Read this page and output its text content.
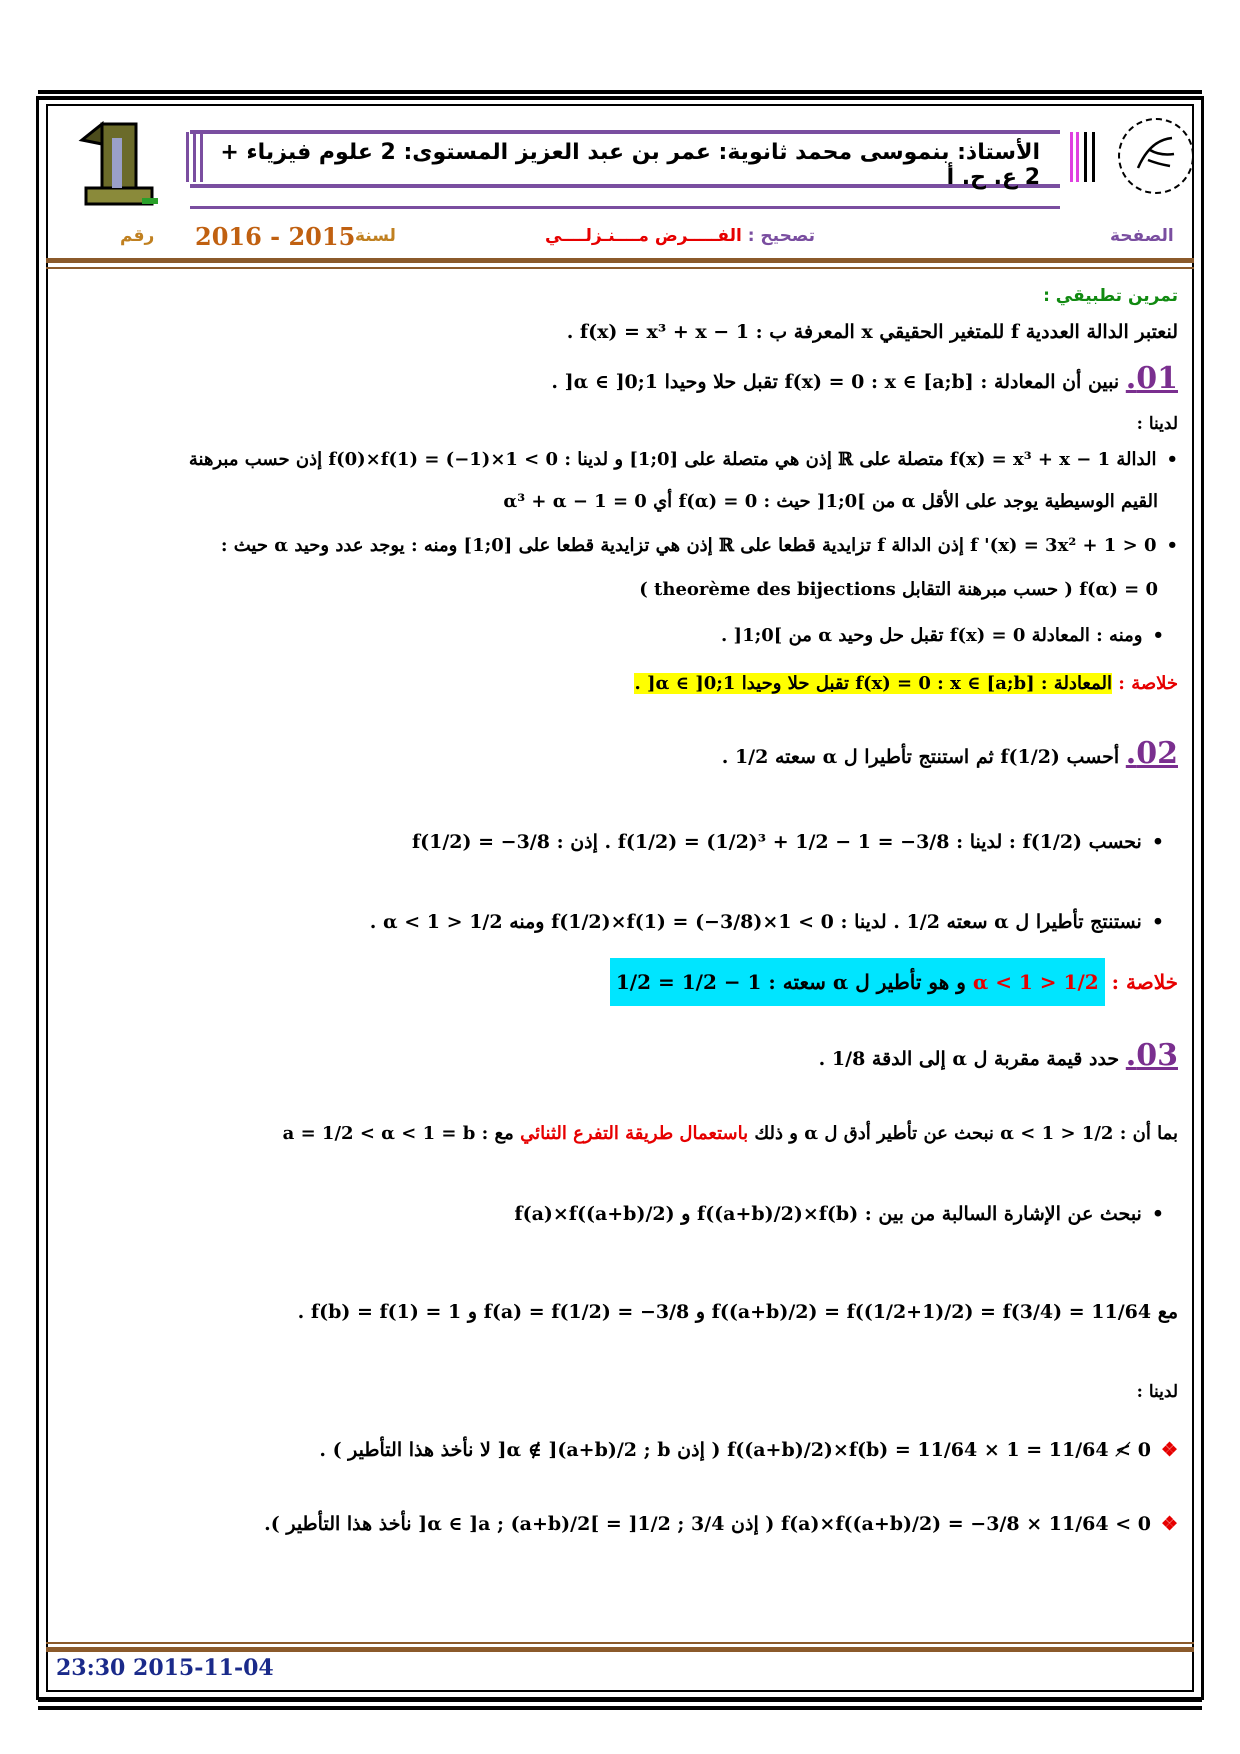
الأستاذ: بنموسى محمد ثانوية: عمر بن عبد العزيز المستوى: 2 علوم فيزياء + 2 ع. ح. أ
الصفحة
تصحيح : الفـــــرض مــــنـزلــــي
لسنة
2016 - 2015
رقم
تمرين تطبيقي :
لنعتبر الدالة العددية f للمتغير الحقيقي x المعرفة ب : f(x) = x³ + x − 1 .
01. نبين أن المعادلة : f(x) = 0 : x ∈ [a;b] تقبل حلا وحيدا α ∈ ]0;1[ .
لدينا :
•الدالة f(x) = x³ + x − 1 متصلة على ℝ إذن هي متصلة على [0;1] و لدينا : f(0)×f(1) = (−1)×1 < 0 إذن حسب مبرهنة
القيم الوسيطية يوجد على الأقل α من ]0;1[ حيث : f(α) = 0 أي α³ + α − 1 = 0
•f '(x) = 3x² + 1 > 0 إذن الدالة f تزايدية قطعا على ℝ إذن هي تزايدية قطعا على [0;1] ومنه : يوجد عدد وحيد α حيث :
f(α) = 0 ( حسب مبرهنة التقابل theorème des bijections )
•ومنه : المعادلة f(x) = 0 تقبل حل وحيد α من ]0;1[ .
خلاصة : المعادلة : f(x) = 0 : x ∈ [a;b] تقبل حلا وحيدا α ∈ ]0;1[ .
02. أحسب f(1/2) ثم استنتج تأطيرا ل α سعته 1/2 .
•نحسب f(1/2) : لدينا : f(1/2) = (1/2)³ + 1/2 − 1 = −3/8 . إذن : f(1/2) = −3/8
•نستنتج تأطيرا ل α سعته 1/2 . لدينا : f(1/2)×f(1) = (−3/8)×1 < 0 ومنه 1/2 < α < 1 .
خلاصة : 1/2 < α < 1 و هو تأطير ل α سعته : 1 − 1/2 = 1/2
03. حدد قيمة مقربة ل α إلى الدقة 1/8 .
بما أن : 1/2 < α < 1 نبحث عن تأطير أدق ل α و ذلك باستعمال طريقة التفرع الثنائي مع : a = 1/2 < α < 1 = b
•نبحث عن الإشارة السالبة من بين : f((a+b)/2)×f(b) و f(a)×f((a+b)/2)
مع f((a+b)/2) = f((1/2+1)/2) = f(3/4) = 11/64 و f(a) = f(1/2) = −3/8 و f(b) = f(1) = 1 .
لدينا :
❖f((a+b)/2)×f(b) = 11/64 × 1 = 11/64 ≮ 0 ( إذن α ∉ ](a+b)/2 ; b[ لا نأخذ هذا التأطير ) .
❖f(a)×f((a+b)/2) = −3/8 × 11/64 < 0 ( إذن α ∈ ]a ; (a+b)/2[ = ]1/2 ; 3/4[ نأخذ هذا التأطير ).
23:30 2015-11-04
